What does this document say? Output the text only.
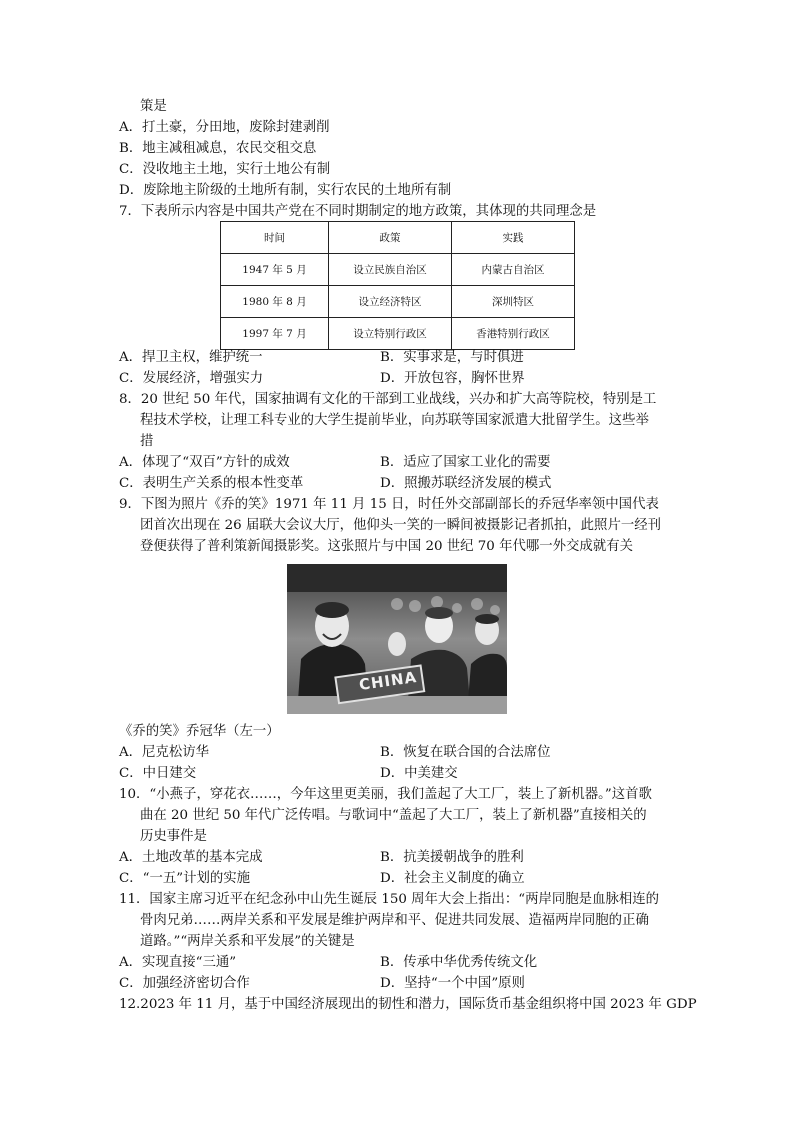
策是
A．打土豪，分田地，废除封建剥削
B．地主减租减息，农民交租交息
C．没收地主土地，实行土地公有制
D．废除地主阶级的土地所有制，实行农民的土地所有制
7．下表所示内容是中国共产党在不同时期制定的地方政策，其体现的共同理念是
时间	政策	实践
1947 年 5 月	设立民族自治区	内蒙古自治区
1980 年 8 月	设立经济特区	深圳特区
1997 年 7 月	设立特别行政区	香港特别行政区
A．捍卫主权，维护统一	B．实事求是，与时俱进
C．发展经济，增强实力	D．开放包容，胸怀世界
8．20 世纪 50 年代，国家抽调有文化的干部到工业战线，兴办和扩大高等院校，特别是工
程技术学校，让理工科专业的大学生提前毕业，向苏联等国家派遣大批留学生。这些举
措
A．体现了“双百”方针的成效	B．适应了国家工业化的需要
C．表明生产关系的根本性变革	D．照搬苏联经济发展的模式
9．下图为照片《乔的笑》1971 年 11 月 15 日，时任外交部副部长的乔冠华率领中国代表
团首次出现在 26 届联大会议大厅，他仰头一笑的一瞬间被摄影记者抓拍，此照片一经刊
登便获得了普利策新闻摄影奖。这张照片与中国 20 世纪 70 年代哪一外交成就有关
CHINA
《乔的笑》乔冠华（左一）
A．尼克松访华	B．恢复在联合国的合法席位
C．中日建交	D．中美建交
10．“小燕子，穿花衣……，今年这里更美丽，我们盖起了大工厂，装上了新机器。”这首歌
曲在 20 世纪 50 年代广泛传唱。与歌词中“盖起了大工厂，装上了新机器”直接相关的
历史事件是
A．土地改革的基本完成	B．抗美援朝战争的胜利
C．“一五”计划的实施	D．社会主义制度的确立
11．国家主席习近平在纪念孙中山先生诞辰 150 周年大会上指出：“两岸同胞是血脉相连的
骨肉兄弟……两岸关系和平发展是维护两岸和平、促进共同发展、造福两岸同胞的正确
道路。”“两岸关系和平发展”的关键是
A．实现直接“三通”	B．传承中华优秀传统文化
C．加强经济密切合作	D．坚持“一个中国”原则
12.2023 年 11 月，基于中国经济展现出的韧性和潜力，国际货币基金组织将中国 2023 年 GDP
